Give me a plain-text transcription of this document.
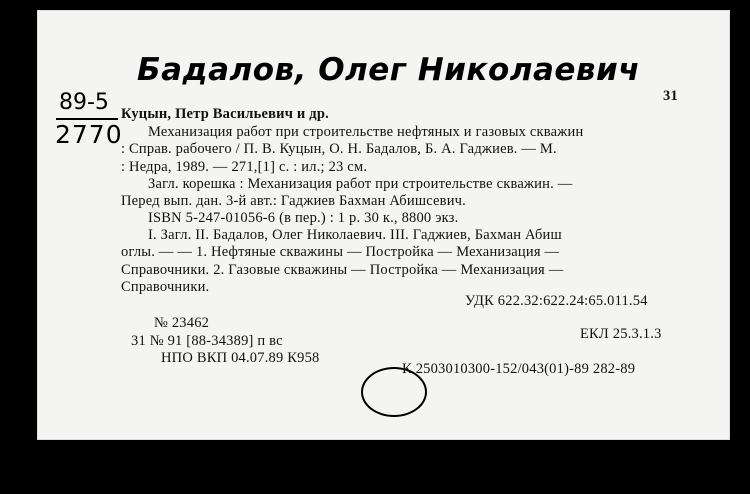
Бадалов, Олег Николаевич
89-5
2770
31
Куцын, Петр Васильевич и др.
Механизация работ при строительстве нефтяных и газовых скважин
: Справ. рабочего / П. В. Куцын, О. Н. Бадалов, Б. А. Гаджиев. — М.
: Недра, 1989. — 271,[1] с. : ил.; 23 см.
Загл. корешка : Механизация работ при строительстве скважин. —
Перед вып. дан. 3-й авт.: Гаджиев Бахман Абишсевич.
ISBN 5-247-01056-6 (в пер.) : 1 р. 30 к., 8800 экз.
I. Загл. II. Бадалов, Олег Николаевич. III. Гаджиев, Бахман Абиш
оглы. — — 1. Нефтяные скважины — Постройка — Механизация —
Справочники. 2. Газовые скважины — Постройка — Механизация —
Справочники.
УДК 622.32:622.24:65.011.54
№ 23462
31 № 91 [88-34389] п вс	ЕКЛ 25.3.1.3
НПО ВКП 04.07.89 К958
К 2503010300-152/043(01)-89 282-89
